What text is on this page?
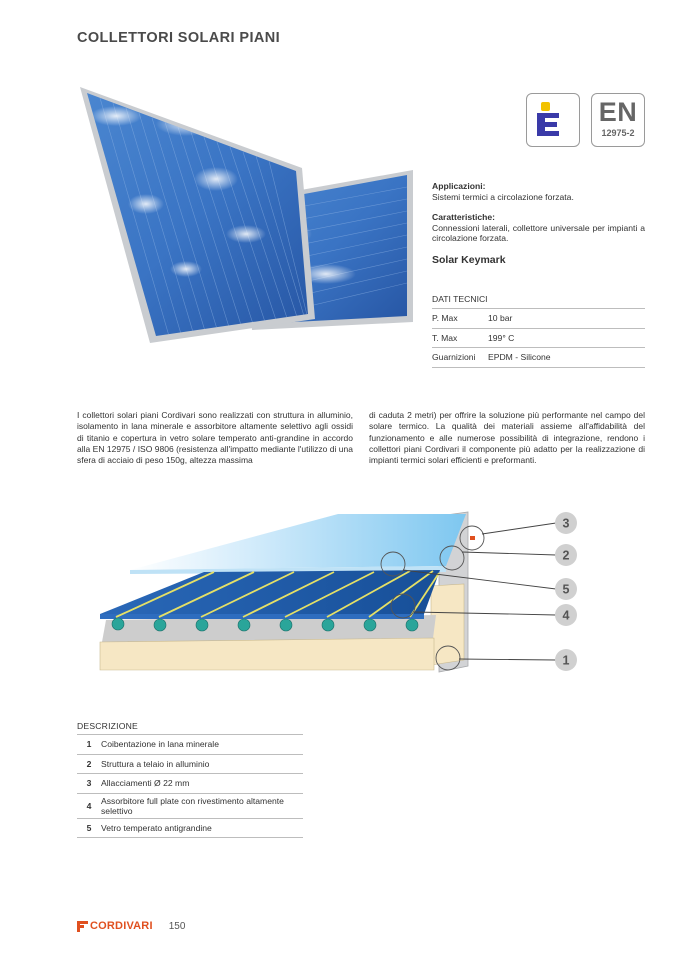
COLLETTORI SOLARI PIANI
EN
12975-2
Applicazioni:
Sistemi termici a circolazione forzata.
Caratteristiche:
Connessioni laterali, collettore universale per impianti a circolazione forzata.
Solar Keymark
DATI TECNICI
P. Max	10 bar
T. Max	199° C
Guarnizioni	EPDM - Silicone
I collettori solari piani Cordivari sono realizzati con struttura in alluminio, isolamento in lana minerale e assorbitore altamente selettivo agli ossidi di titanio e copertura in vetro solare temperato anti-grandine in accordo alla EN 12975 / ISO 9806 (resistenza all'impatto mediante l'utilizzo di una sfera di acciaio di peso 150g, altezza massima
di caduta 2 metri) per offrire la soluzione più performante nel campo del solare termico. La qualità dei materiali assieme all'affidabilità del funzionamento e alle numerose possibilità di integrazione, rendono i collettori piani Cordivari il componente più adatto per la realizzazione di impianti termici solari efficienti e preformanti.
3
2
5
4
1
DESCRIZIONE
1	Coibentazione in lana minerale
2	Struttura a telaio in alluminio
3	Allacciamenti Ø 22 mm
4	Assorbitore full plate con rivestimento altamente selettivo
5	Vetro temperato antigrandine
CORDIVARI 150
